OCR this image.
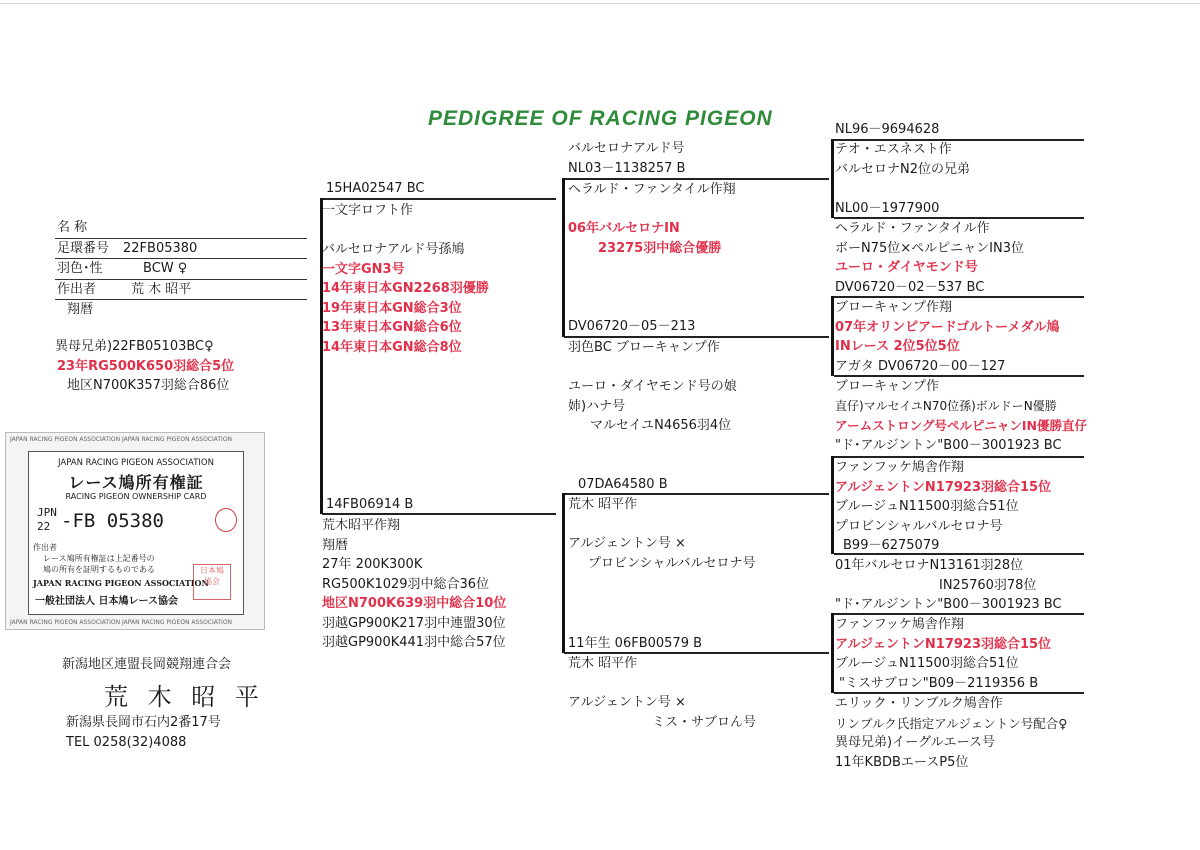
PEDIGREE OF RACING PIGEON
名 称
足環番号 22FB05380
羽色･性	BCW ♀
作出者	荒 木 昭平
翔暦
異母兄弟)22FB05103BC♀
23年RG500K650羽総合5位
地区N700K357羽総合86位
JAPAN RACING PIGEON ASSOCIATION JAPAN RACING PIGEON ASSOCIATION
JAPAN RACING PIGEON ASSOCIATION JAPAN RACING PIGEON ASSOCIATION
JAPAN RACING PIGEON ASSOCIATION
レース鳩所有権証
RACING PIGEON OWNERSHIP CARD
JPN
22 -FB 05380
作出者
レース鳩所有権証は上記番号の
鳩の所有を証明するものである
JAPAN RACING PIGEON ASSOCIATION
一般社団法人 日本鳩レース協会
日本鳩
協会
新潟地区連盟長岡競翔連合会
荒 木 昭 平
新潟県長岡市石内2番17号
TEL 0258(32)4088
15HA02547 BC
一文字ロフト作
バルセロナアルド号孫鳩
一文字GN3号
14年東日本GN2268羽優勝
19年東日本GN総合3位
13年東日本GN総合6位
14年東日本GN総合8位
14FB06914 B
荒木昭平作翔
翔暦
27年 200K300K
RG500K1029羽中総合36位
地区N700K639羽中総合10位
羽越GP900K217羽中連盟30位
羽越GP900K441羽中総合57位
バルセロナアルド号
NL03－1138257 B
ヘラルド・ファンタイル作翔
06年バルセロナIN
23275羽中総合優勝
DV06720－05－213
羽色BC ブローキャンプ作
ユーロ・ダイヤモンド号の娘
姉)ハナ号
マルセイユN4656羽4位
07DA64580 B
荒木 昭平作
アルジェントン号 ×
プロビンシャルバルセロナ号
11年生 06FB00579 B
荒木 昭平作
アルジェントン号 ×
ミス・サブロん号
NL96－9694628
テオ・エスネスト作
バルセロナN2位の兄弟
NL00－1977900
ヘラルド・ファンタイル作
ボーN75位×ペルピニャンIN3位
ユーロ・ダイヤモンド号
DV06720－02－537 BC
ブローキャンプ作翔
07年オリンピアードゴルトーメダル鳩
INレース 2位5位5位
アガタ DV06720－00－127
ブローキャンプ作
直仔)マルセイユN70位孫)ボルドーN優勝
アームストロング号ペルピニャンIN優勝直仔
"ド･アルジントン"B00－3001923 BC
ファンフッケ鳩舎作翔
アルジェントンN17923羽総合15位
ブルージュN11500羽総合51位
プロビンシャルバルセロナ号
B99－6275079
01年バルセロナN13161羽28位
IN25760羽78位
"ド･アルジントン"B00－3001923 BC
ファンフッケ鳩舎作翔
アルジェントンN17923羽総合15位
ブルージュN11500羽総合51位
"ミスサブロン"B09－2119356 B
エリック・リンブルク鳩舎作
リンブルク氏指定アルジェントン号配合♀
異母兄弟)イーグルエース号
11年KBDBエースP5位
